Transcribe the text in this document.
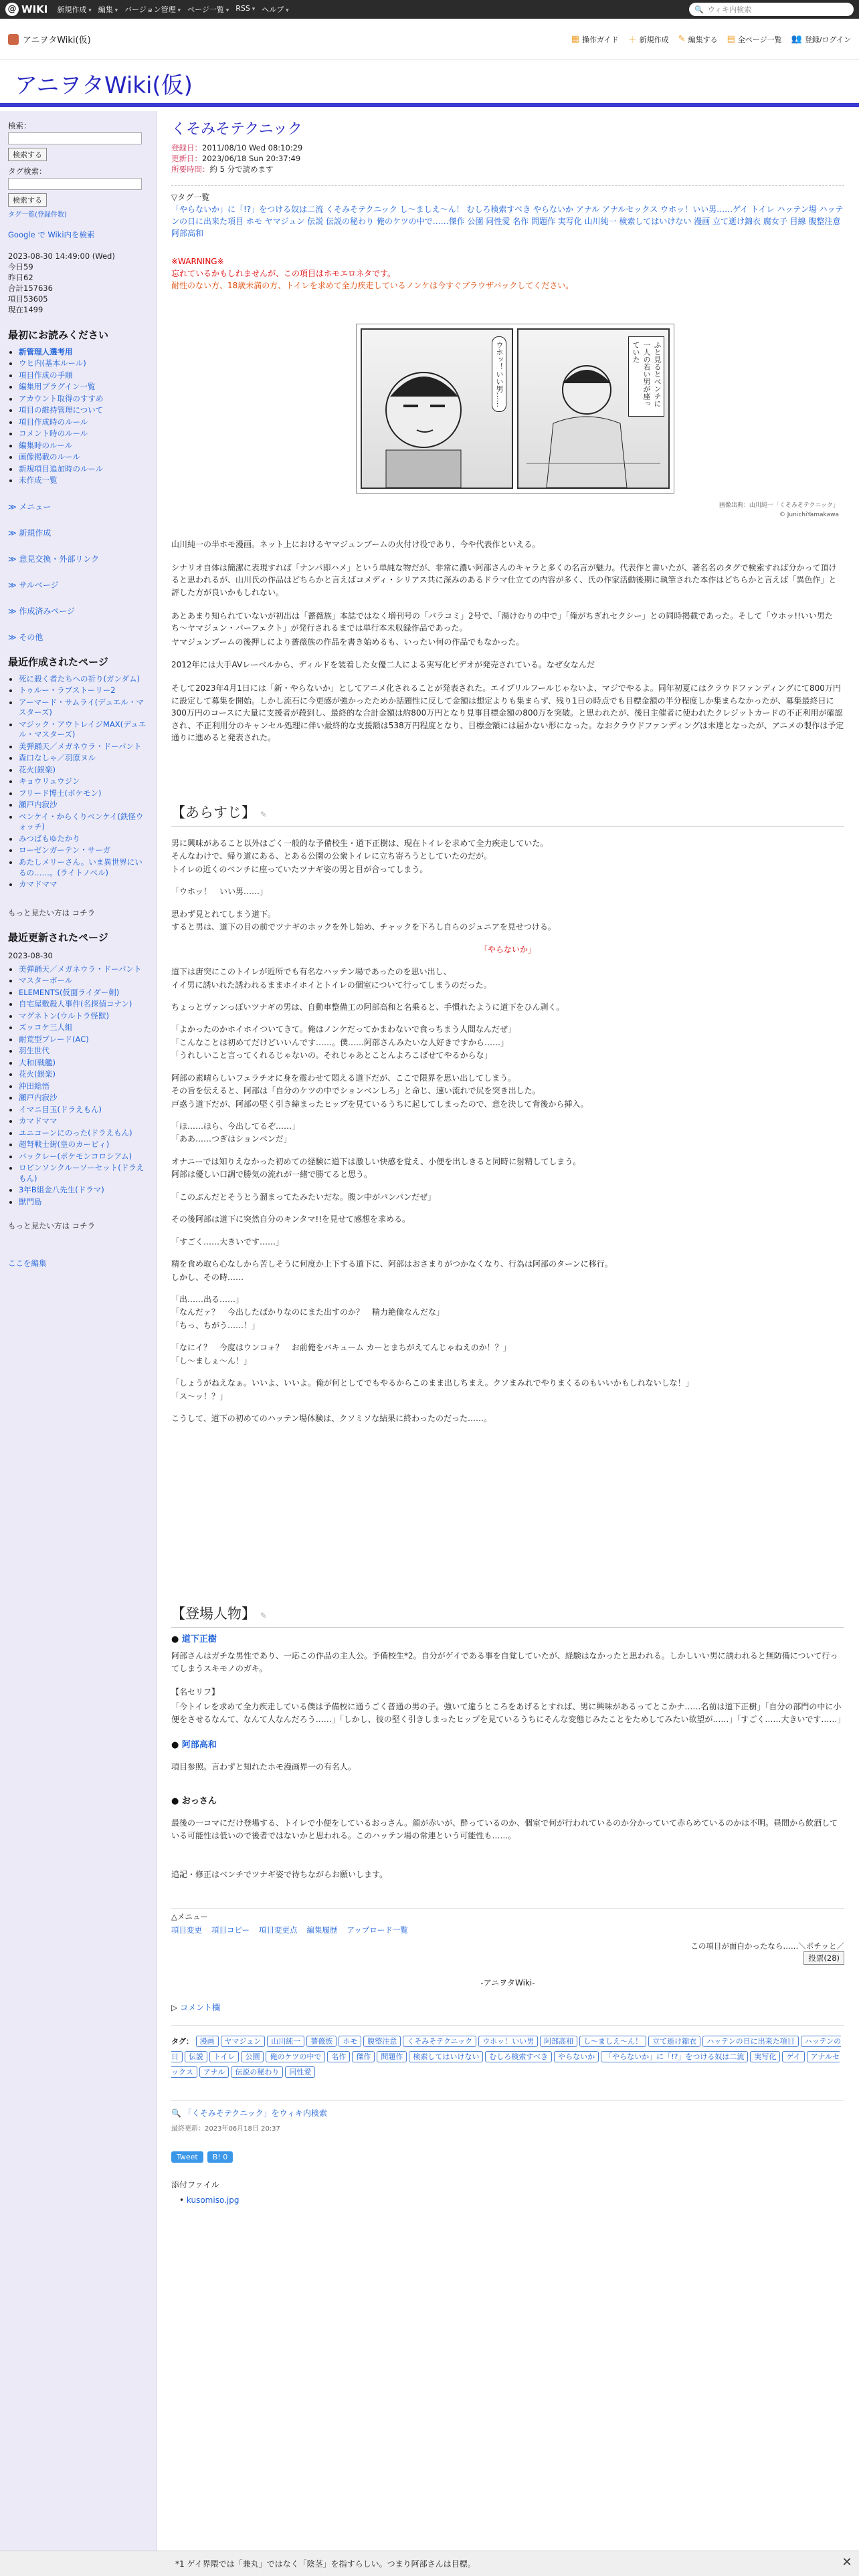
@ WIKI 新規作成 ▾	編集 ▾	バージョン管理 ▾	ページ一覧 ▾	RSS ▾	ヘルプ ▾	🔍 ウィキ内検索
アニヲタWiki(仮)	▦ 操作ガイド ＋ 新規作成 ✎ 編集する ▤ 全ページ一覧 👥 登録/ログイン
アニヲタWiki(仮)
検索：
検索する
タグ検索：
検索する
タグ一覧(登録件数)
Google で Wiki内を検索
2023-08-30 14:49:00 (Wed)
今日59
昨日62
合計157636
項目53605
現在1499
最初にお読みください
• 新管理人選考用
• ウヒ内(基本ルール)
• 項目作成の手順
• 編集用ブラグイン一覧
• アカウント取得のすすめ
• 項目の維持管理について
• 項目作成時のルール
• コメント時のルール
• 編集時のルール
• 画像掲載のルール
• 新規項目追加時のルール
• 未作成一覧
≫ メニュー
≫ 新規作成
≫ 意見交換・外部リンク
≫ サルベージ
≫ 作成済みページ
≫ その他
最近作成されたページ
• 死に殺く者たちへの祈り(ガンダム)
• トゥルー・ラブストーリー2
• アーマード・サムライ(デュエル・マスターズ)
• マジック・アウトレイジMAX(デュエル・マスターズ)
• 美弾踊天／メガネウラ・ドーパント
• 森口なしゃ／羽原ヌル
• 花火(銀楽)
• キョウリュウジン
• フリード博士(ポケモン)
• 瀬戸内寂沙
• ベンケイ・からくりベンケイ(鉄怪ウォッチ)
• みつばもゆたかり
• ローゼンガーテン・サーガ
• あたしメリーさん。いま異世界にいるの……。(ライトノベル)
• カマドママ
もっと見たい方は コチラ
最近更新されたページ
2023-08-30
• 美弾踊天／メガネウラ・ドーパント
• マスターボール
• ELEMENTS(仮面ライダー剣)
• 自宅屋敷殺人事件(名探偵コナン)
• マグネトン(ウルトラ怪獣)
• ズッコケ三人組
• 耐荒型ブレード(AC)
• 羽生世代
• 大和(戦艦)
• 花火(銀楽)
• 沖田総悟
• 瀬戸内寂沙
• イマニ目玉(ドラえもん)
• カマドママ
• ユニコーンにのった(ドラえもん)
• 超弩戦士街(皇のカービィ)
• バックレー(ポケモンコロシアム)
• ロビンソンクルーソーセット(ドラえもん)
• 3年B組金八先生(ドラマ)
• 獣門島
もっと見たい方は コチラ
ここを編集
くそみそテクニック
登録日：2011/08/10 Wed 08:10:29
更新日：2023/06/18 Sun 20:37:49
所要時間：約 5 分で読めます
▽タグ一覧
「やらないか」に「!?」をつける奴は二流 くそみそテクニック し～ましえ～ん！ むしろ検索すべき やらないか アナル アナルセックス ウホッ！いい男……ゲイ トイレ ハッテン場 ハッテンの日に出来た項目 ホモ ヤマジュン 伝説 伝説の秘わり 俺のケツの中で……傑作 公園 同性愛 名作 問題作 実写化 山川純一 検索してはいけない 漫画 立て逝け錦衣 腐女子 目線 腹整注意 阿部高和
※WARNING※
忘れているかもしれませんが、この項目はホモエロネタです。
耐性のない方、18歳未満の方、トイレを求めて全力疾走しているノンケは今すぐブラウザバックしてください。
ウホッ！いい男……	ふと見るとベンチに一人の若い男が座っていた
画像出典：山川純一「くそみそテクニック」
© JunichiYamakawa

山川純一の半ホモ漫画。ネット上におけるヤマジュンブームの火付け役であり、今や代表作といえる。

シナリオ自体は簡潔に表現すれば「ナンパ即ハメ」という単純な物だが、非常に濃い阿部さんのキャラと多くの名言が魅力。代表作と書いたが、著名名のタグで検索すれば分かって頂けると思われるが、山川氏の作品はどちらかと言えばコメディ・シリアス共に深みのあるドラマ仕立ての内容が多く、氏の作家活動後期に執筆された本作はどちらかと言えば「異色作」と評した方が良いかもしれない。

あとあまり知られていないが初出は「薔薇族」本誌ではなく増刊号の「バラコミ」2号で、「湯けむりの中で」「俺がちぎれセクシー」との同時掲載であった。そして「ウホッ!!いい男たち〜ヤマジュン・パーフェクト」が発行されるまでは単行本未収録作品であった。

ヤマジュンブームの後押しにより薔薇族の作品を書き始めるも、いったい何の作品でもなかった。

2012年には大手AVレーベルから、ディルドを装着した女優二人による実写化ビデオが発売されている。なぜ女なんだ

そして2023年4月1日には「新・やらないか」としてアニメ化されることが発表された。エイプリルフールじゃないよ、マジでやるよ。同年初夏にはクラウドファンディングにて800万円に設定して募集を開始。しかし流石に今更感が強かったためか話題性に反して金額は想定よりも集まらず、残り1日の時点でも目標金額の半分程度しか集まらなかったが、募集最終日に300万円のコースに大量に支援者が殺到し、最終的な合計金額は約800万円となり見事目標金額の800万を突破。と思われたが、後日主催者に使われたクレジットカードの不正利用が確認され、不正利用分のキャンセル処理に伴い最終的な支援額は538万円程度となり、目標金額には届かない形になった。なおクラウドファンディングは未達となったが、アニメの製作は予定通りに進めると発表された。

【あらすじ】 ✎
男に興味があること以外はごく一般的な予備校生・道下正樹は、現在トイレを求めて全力疾走していた。
そんなわけで、帰り道にある、とある公園の公衆トイレに立ち寄ろうとしていたのだが。
トイレの近くのベンチに座っていたツナギ姿の男と目が合ってしまう。
「ウホッ！　いい男……」
思わず見とれてしまう道下。
すると男は、道下の目の前でツナギのホックを外し始め、チャックを下ろし自らのジュニアを見せつける。
「やらないか」
道下は唐突にこのトイレが近所でも有名なハッテン場であったのを思い出し、
イイ男に誘いれた誘われるままホイホイとトイレの個室について行ってしまうのだった。
ちょっとヴァンっぽいツナギの男は、自動車整備工の阿部高和と名乗ると、手慣れたように道下をひん剥く。
「よかったのかホイホイついてきて。俺はノンケだってかまわないで食っちまう人間なんだぜ」
「こんなことは初めてだけどいいんです……。僕……阿部さんみたいな人好きですから……」
「うれしいこと言ってくれるじゃないの。それじゃあとことんよろこばせてやるからな」
阿部の素晴らしいフェラチオに身を震わせて悶える道下だが、ここで限界を思い出してしまう。
その旨を伝えると、阿部は「自分のケツの中でションベンしろ」と命じ、速い流れで尻を突き出した。
戸惑う道下だが、阿部の堅く引き締まったヒップを見ているうちに起してしまったので、意を決して背後から挿入。
「ほ……ほら、今出してるぞ……」
「ああ……つぎはションベンだ」
オナニーでは知りえなかった初めての経験に道下は激しい快感を覚え、小便を出しきると同時に射精してしまう。
阿部は優しい口調で勝気の流れが一緒で勝てると思う。
「このぶんだとそうとう溜まってたみたいだな。腹ン中がパンパンだぜ」
その後阿部は道下に突然自分のキンタマ!!を見せて感想を求める。
「すごく……大きいです……」
精を食め取ら心なしから苦しそうに何度か上下する道下に、阿部はおさまりがつかなくなり、行為は阿部のターンに移行。
しかし、その時……
「出……出る……」
「なんだァ？　今出したばかりなのにまた出すのか？　精力絶倫なんだな」
「ちっ、ちがう……！」
「なにイ？　今度はウンコォ？　お前俺をバキューム カーとまちがえてんじゃねえのか！？」
「し～ましぇ～ん！」
「しょうがねえなぁ。いいよ、いいよ。俺が何としてでもやるからこのまま出しちまえ。クソまみれでやりまくるのもいいかもしれないしな！」
「ス～ッ！？」
こうして、道下の初めてのハッテン場体験は、クソミソな結果に終わったのだった……。
【登場人物】 ✎
● 道下正樹

阿部さんはガチな男性であり、一応この作品の主人公。予備校生*2。自分がゲイである事を自覚していたが、経験はなかったと思われる。しかしいい男に誘われると無防備について行ってしまうスキモノのガキ。

【名セリフ】

「今トイレを求めて全力疾走している僕は予備校に通うごく普通の男の子。強いて違うところをあげるとすれば、男に興味があるってとこかナ……名前は道下正樹」「自分の部門の中に小便をさせるなんて、なんて人なんだろう……」「しかし、彼の堅く引きしまったヒップを見ているうちにそんな変態じみたことをためしてみたい欲望が……」「すごく……大きいです……」

● 阿部高和

項目参照。言わずと知れたホモ漫画界一の有名人。

● おっさん

最後の一コマにだけ登場する、トイレで小便をしているおっさん。顔が赤いが、酔っているのか、個室で何が行われているのか分かっていて赤らめているのかは不明。昼間から飲酒している可能性は低いので後者ではないかと思われる。このハッテン場の常連という可能性も……。

追記・修正はベンチでツナギ姿で待ちながらお願いします。

△メニュー
項目変更 項目コピー 項目変更点 編集履歴 アップロード一覧
この項目が面白かったなら……＼ポチッと／
投票(28)
-アニヲタWiki-
▷ コメント欄
タグ： 漫画 ヤマジュン 山川純一 薔薇族 ホモ 腹整注意 くそみそテクニック ウホッ！いい男 阿部高和 し～ましえ～ん！ 立て逝け錦衣 ハッテンの日に出来た項目 ハッテンの日 伝説 トイレ 公園 俺のケツの中で 名作 傑作 問題作 検索してはいけない むしろ検索すべき やらないか 「やらないか」に「!?」をつける奴は二流 実写化 ゲイ アナルセックス アナル 伝説の秘わり 同性愛
🔍 「くそみそテクニック」をウィキ内検索
最終更新：2023年06月18日 20:37
Tweet B! 0
添付ファイル
• kusomiso.jpg
*1 ゲイ界隈では「兼丸」ではなく「陰茎」を指すらしい。つまり阿部さんは目標。	✕
